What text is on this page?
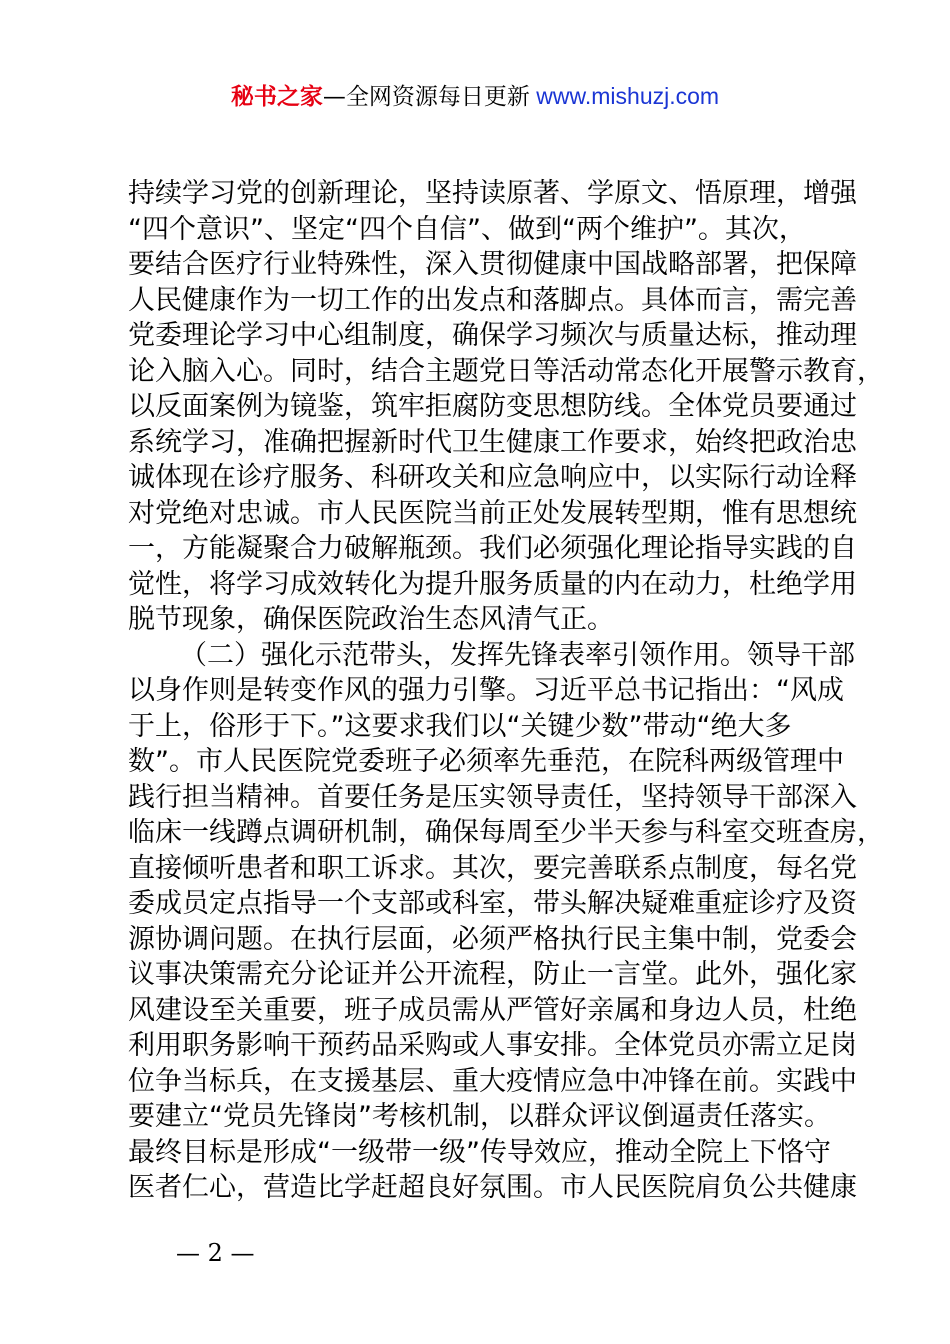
秘书之家—全网资源每日更新 www.mishuzj.com
持续学习党的创新理论，坚持读原著、学原文、悟原理，增强
“四个意识”、坚定“四个自信”、做到“两个维护”。其次，
要结合医疗行业特殊性，深入贯彻健康中国战略部署，把保障
人民健康作为一切工作的出发点和落脚点。具体而言，需完善
党委理论学习中心组制度，确保学习频次与质量达标，推动理
论入脑入心。同时，结合主题党日等活动常态化开展警示教育，
以反面案例为镜鉴，筑牢拒腐防变思想防线。全体党员要通过
系统学习，准确把握新时代卫生健康工作要求，始终把政治忠
诚体现在诊疗服务、科研攻关和应急响应中，以实际行动诠释
对党绝对忠诚。市人民医院当前正处发展转型期，惟有思想统
一，方能凝聚合力破解瓶颈。我们必须强化理论指导实践的自
觉性，将学习成效转化为提升服务质量的内在动力，杜绝学用
脱节现象，确保医院政治生态风清气正。
（二）强化示范带头，发挥先锋表率引领作用。领导干部
以身作则是转变作风的强力引擎。习近平总书记指出：“风成
于上，俗形于下。”这要求我们以“关键少数”带动“绝大多
数”。市人民医院党委班子必须率先垂范，在院科两级管理中
践行担当精神。首要任务是压实领导责任，坚持领导干部深入
临床一线蹲点调研机制，确保每周至少半天参与科室交班查房，
直接倾听患者和职工诉求。其次，要完善联系点制度，每名党
委成员定点指导一个支部或科室，带头解决疑难重症诊疗及资
源协调问题。在执行层面，必须严格执行民主集中制，党委会
议事决策需充分论证并公开流程，防止一言堂。此外，强化家
风建设至关重要，班子成员需从严管好亲属和身边人员，杜绝
利用职务影响干预药品采购或人事安排。全体党员亦需立足岗
位争当标兵，在支援基层、重大疫情应急中冲锋在前。实践中
要建立“党员先锋岗”考核机制，以群众评议倒逼责任落实。
最终目标是形成“一级带一级”传导效应，推动全院上下恪守
医者仁心，营造比学赶超良好氛围。市人民医院肩负公共健康
— 2 —
